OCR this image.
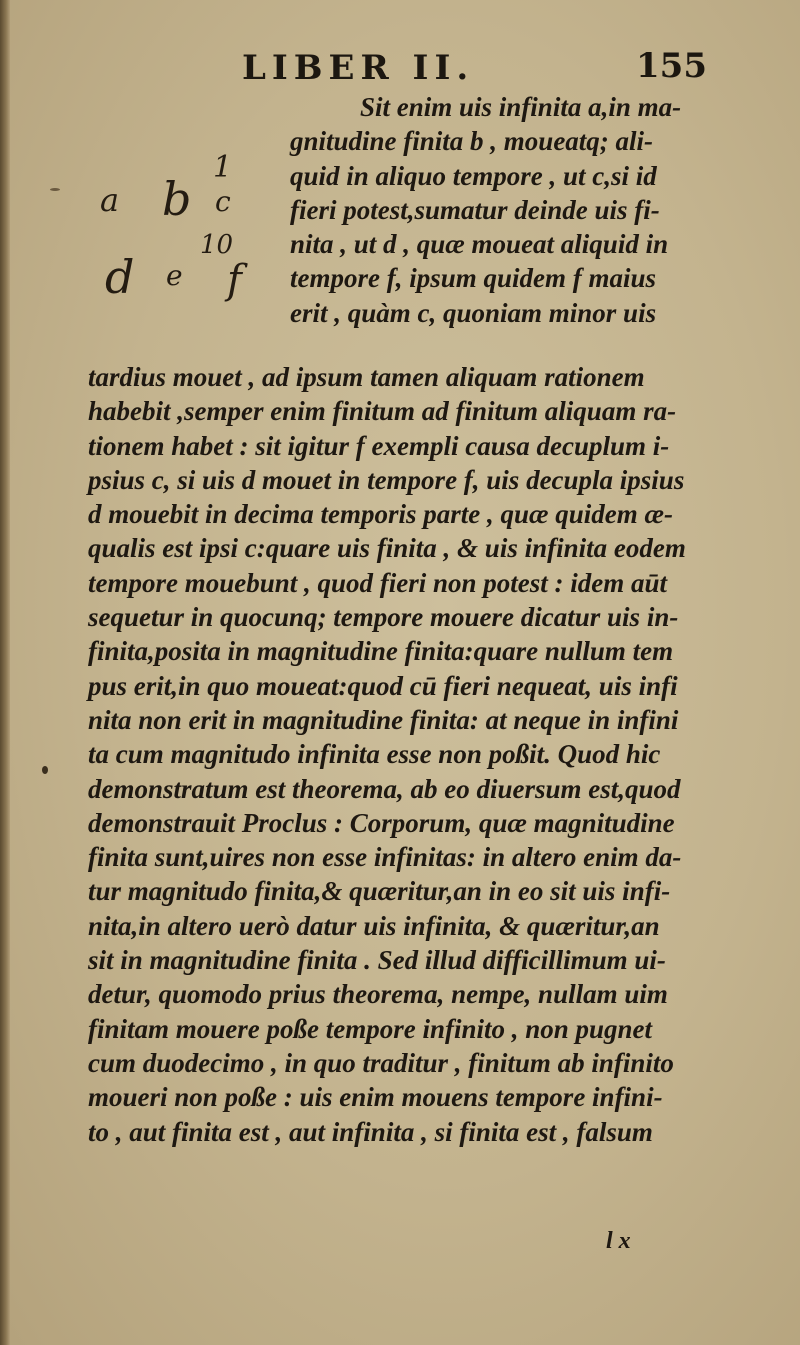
LIBER II.	155
1
a b c
10
d e f
Sit enim uis infinita a,in ma-
gnitudine finita b , moueatq; ali-
quid in aliquo tempore , ut c,si id
fieri potest,sumatur deinde uis fi-
nita , ut d , quæ moueat aliquid in
tempore f, ipsum quidem f maius
erit , quàm c, quoniam minor uis
tardius mouet , ad ipsum tamen aliquam rationem
habebit ,semper enim finitum ad finitum aliquam ra-
tionem habet : sit igitur f exempli causa decuplum i-
psius c, si uis d mouet in tempore f, uis decupla ipsius
d mouebit in decima temporis parte , quæ quidem æ-
qualis est ipsi c:quare uis finita , & uis infinita eodem
tempore mouebunt , quod fieri non potest : idem aūt
sequetur in quocunq; tempore mouere dicatur uis in-
finita,posita in magnitudine finita:quare nullum tem
pus erit,in quo moueat:quod cū fieri nequeat, uis infi
nita non erit in magnitudine finita: at neque in infini
ta cum magnitudo infinita esse non poßit. Quod hic
demonstratum est theorema, ab eo diuersum est,quod
demonstrauit Proclus : Corporum, quæ magnitudine
finita sunt,uires non esse infinitas: in altero enim da-
tur magnitudo finita,& quæritur,an in eo sit uis infi-
nita,in altero uerò datur uis infinita, & quæritur,an
sit in magnitudine finita . Sed illud difficillimum ui-
detur, quomodo prius theorema, nempe, nullam uim
finitam mouere poße tempore infinito , non pugnet
cum duodecimo , in quo traditur , finitum ab infinito
moueri non poße : uis enim mouens tempore infini-
to , aut finita est , aut infinita , si finita est , falsum
l x
